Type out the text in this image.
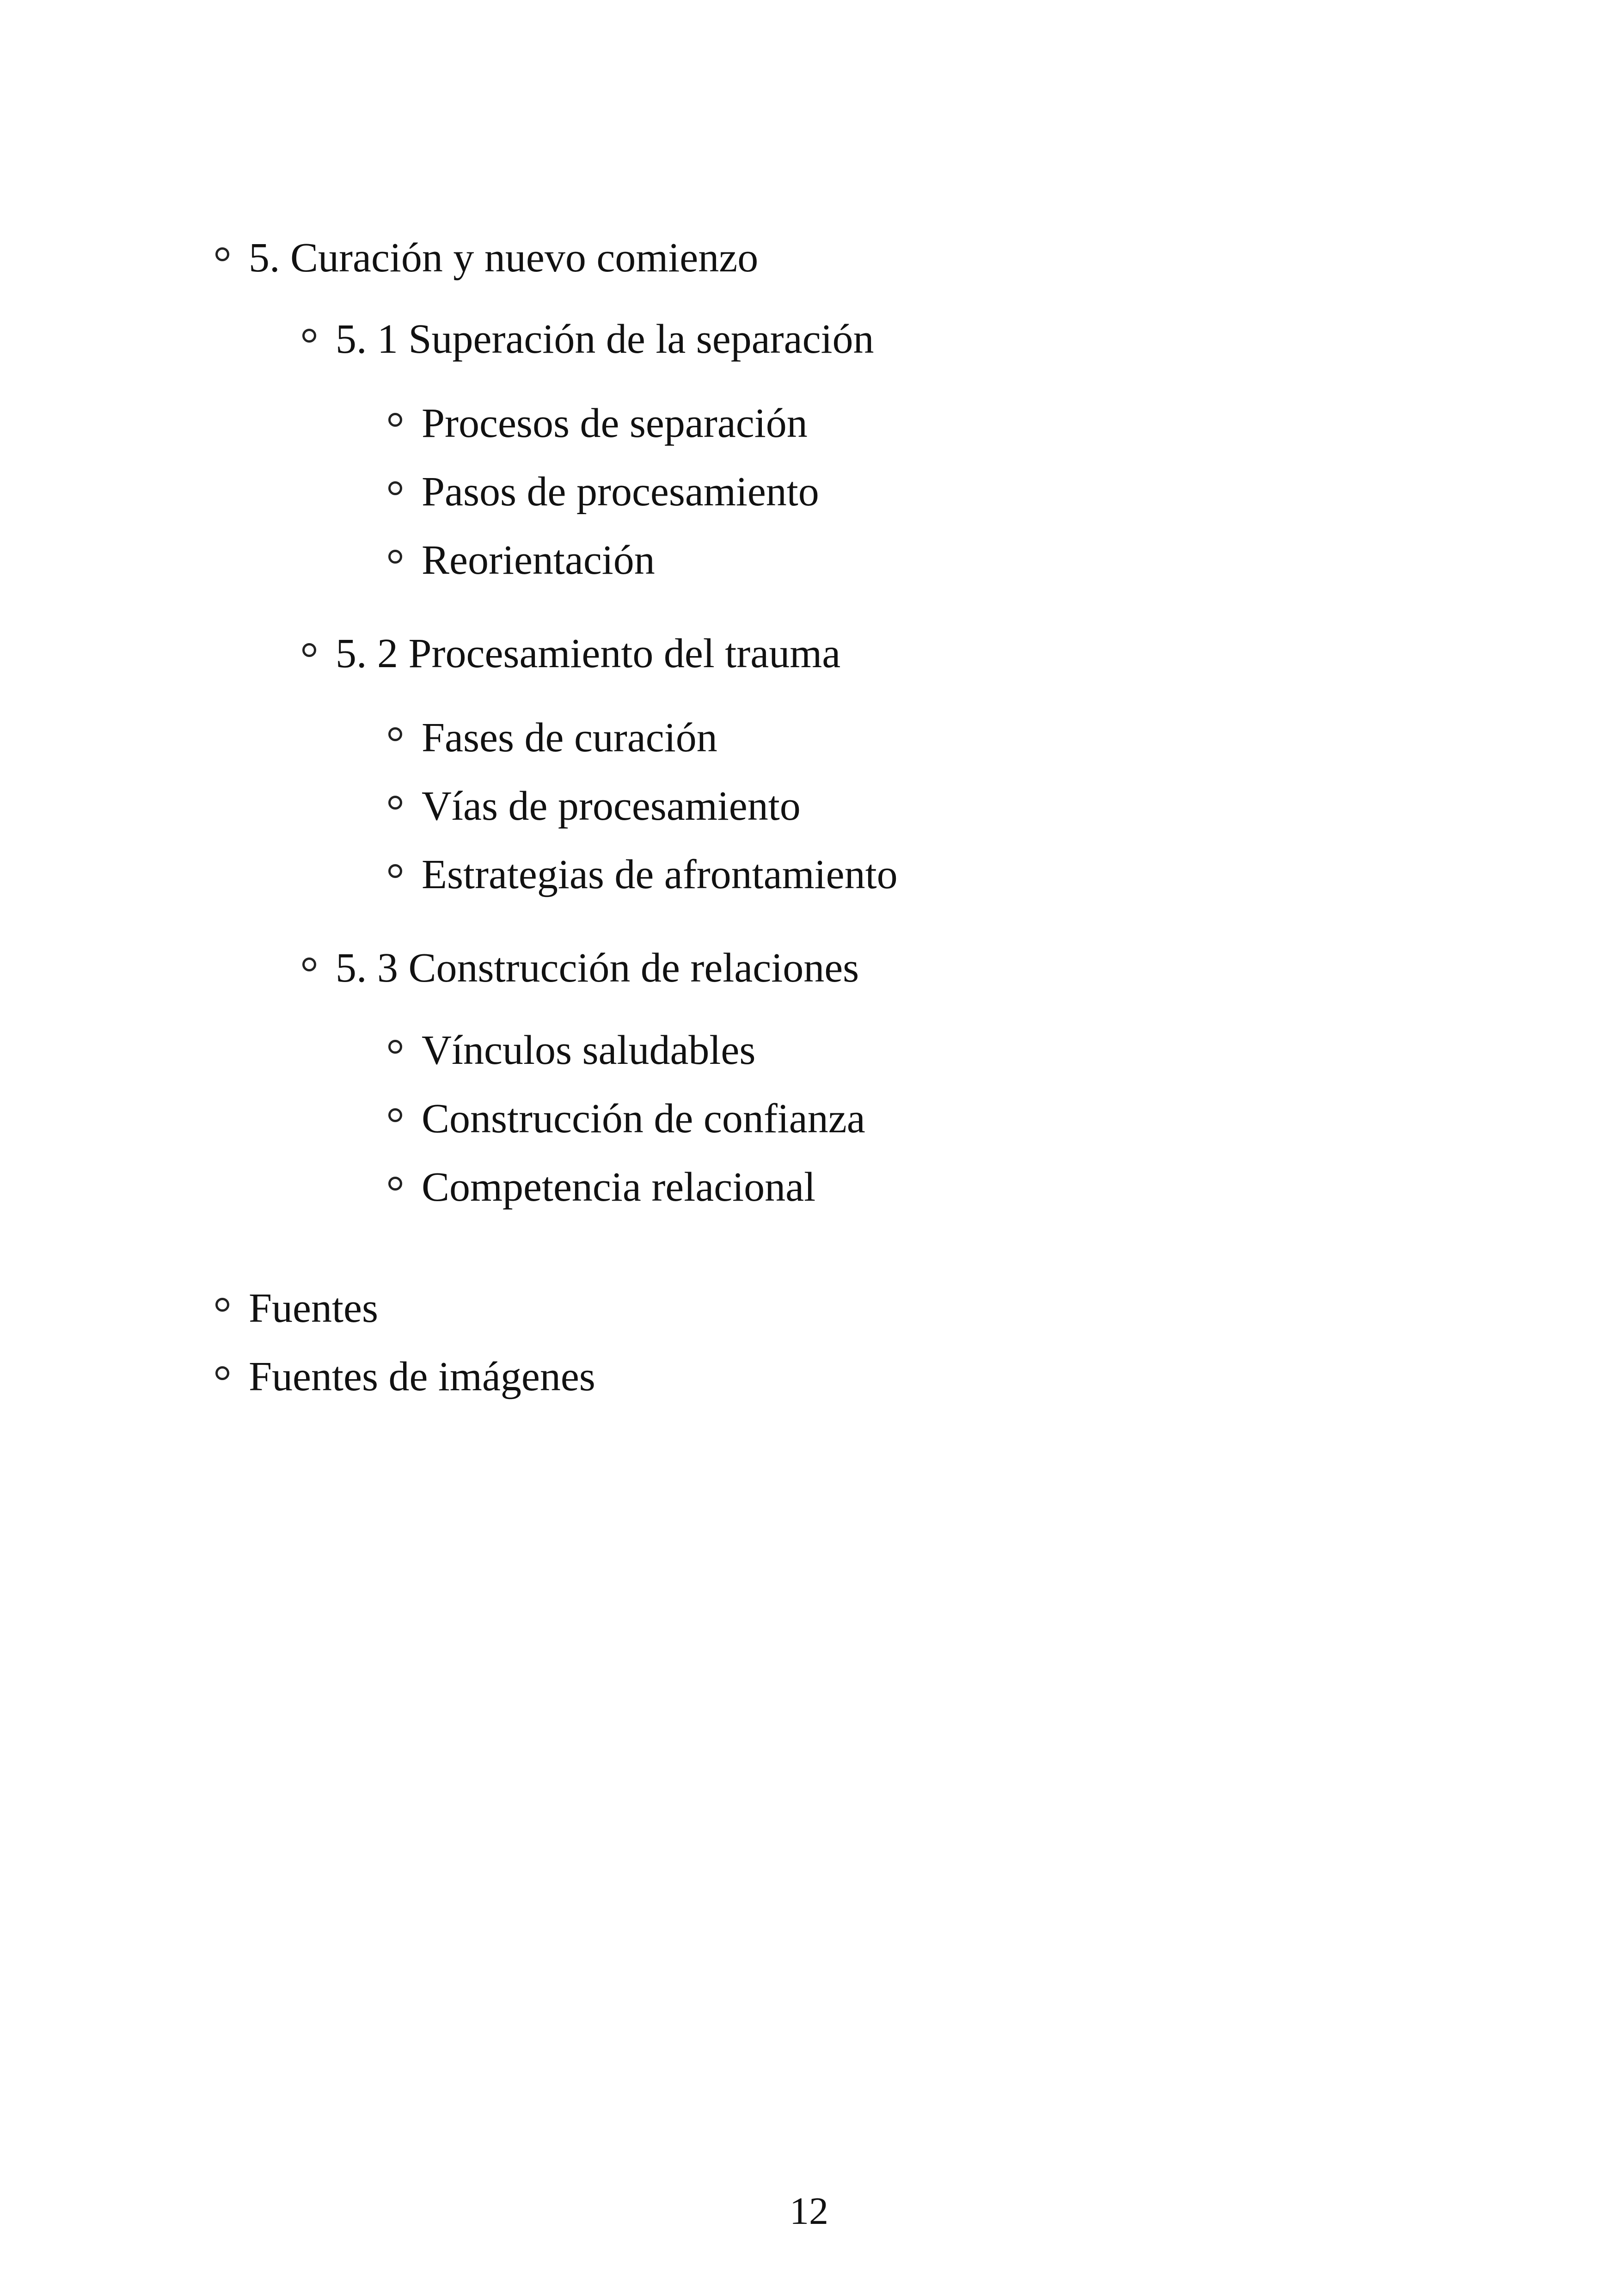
5. Curación y nuevo comienzo
5. 1 Superación de la separación
Procesos de separación
Pasos de procesamiento
Reorientación
5. 2 Procesamiento del trauma
Fases de curación
Vías de procesamiento
Estrategias de afrontamiento
5. 3 Construcción de relaciones
Vínculos saludables
Construcción de confianza
Competencia relacional
Fuentes
Fuentes de imágenes
12
